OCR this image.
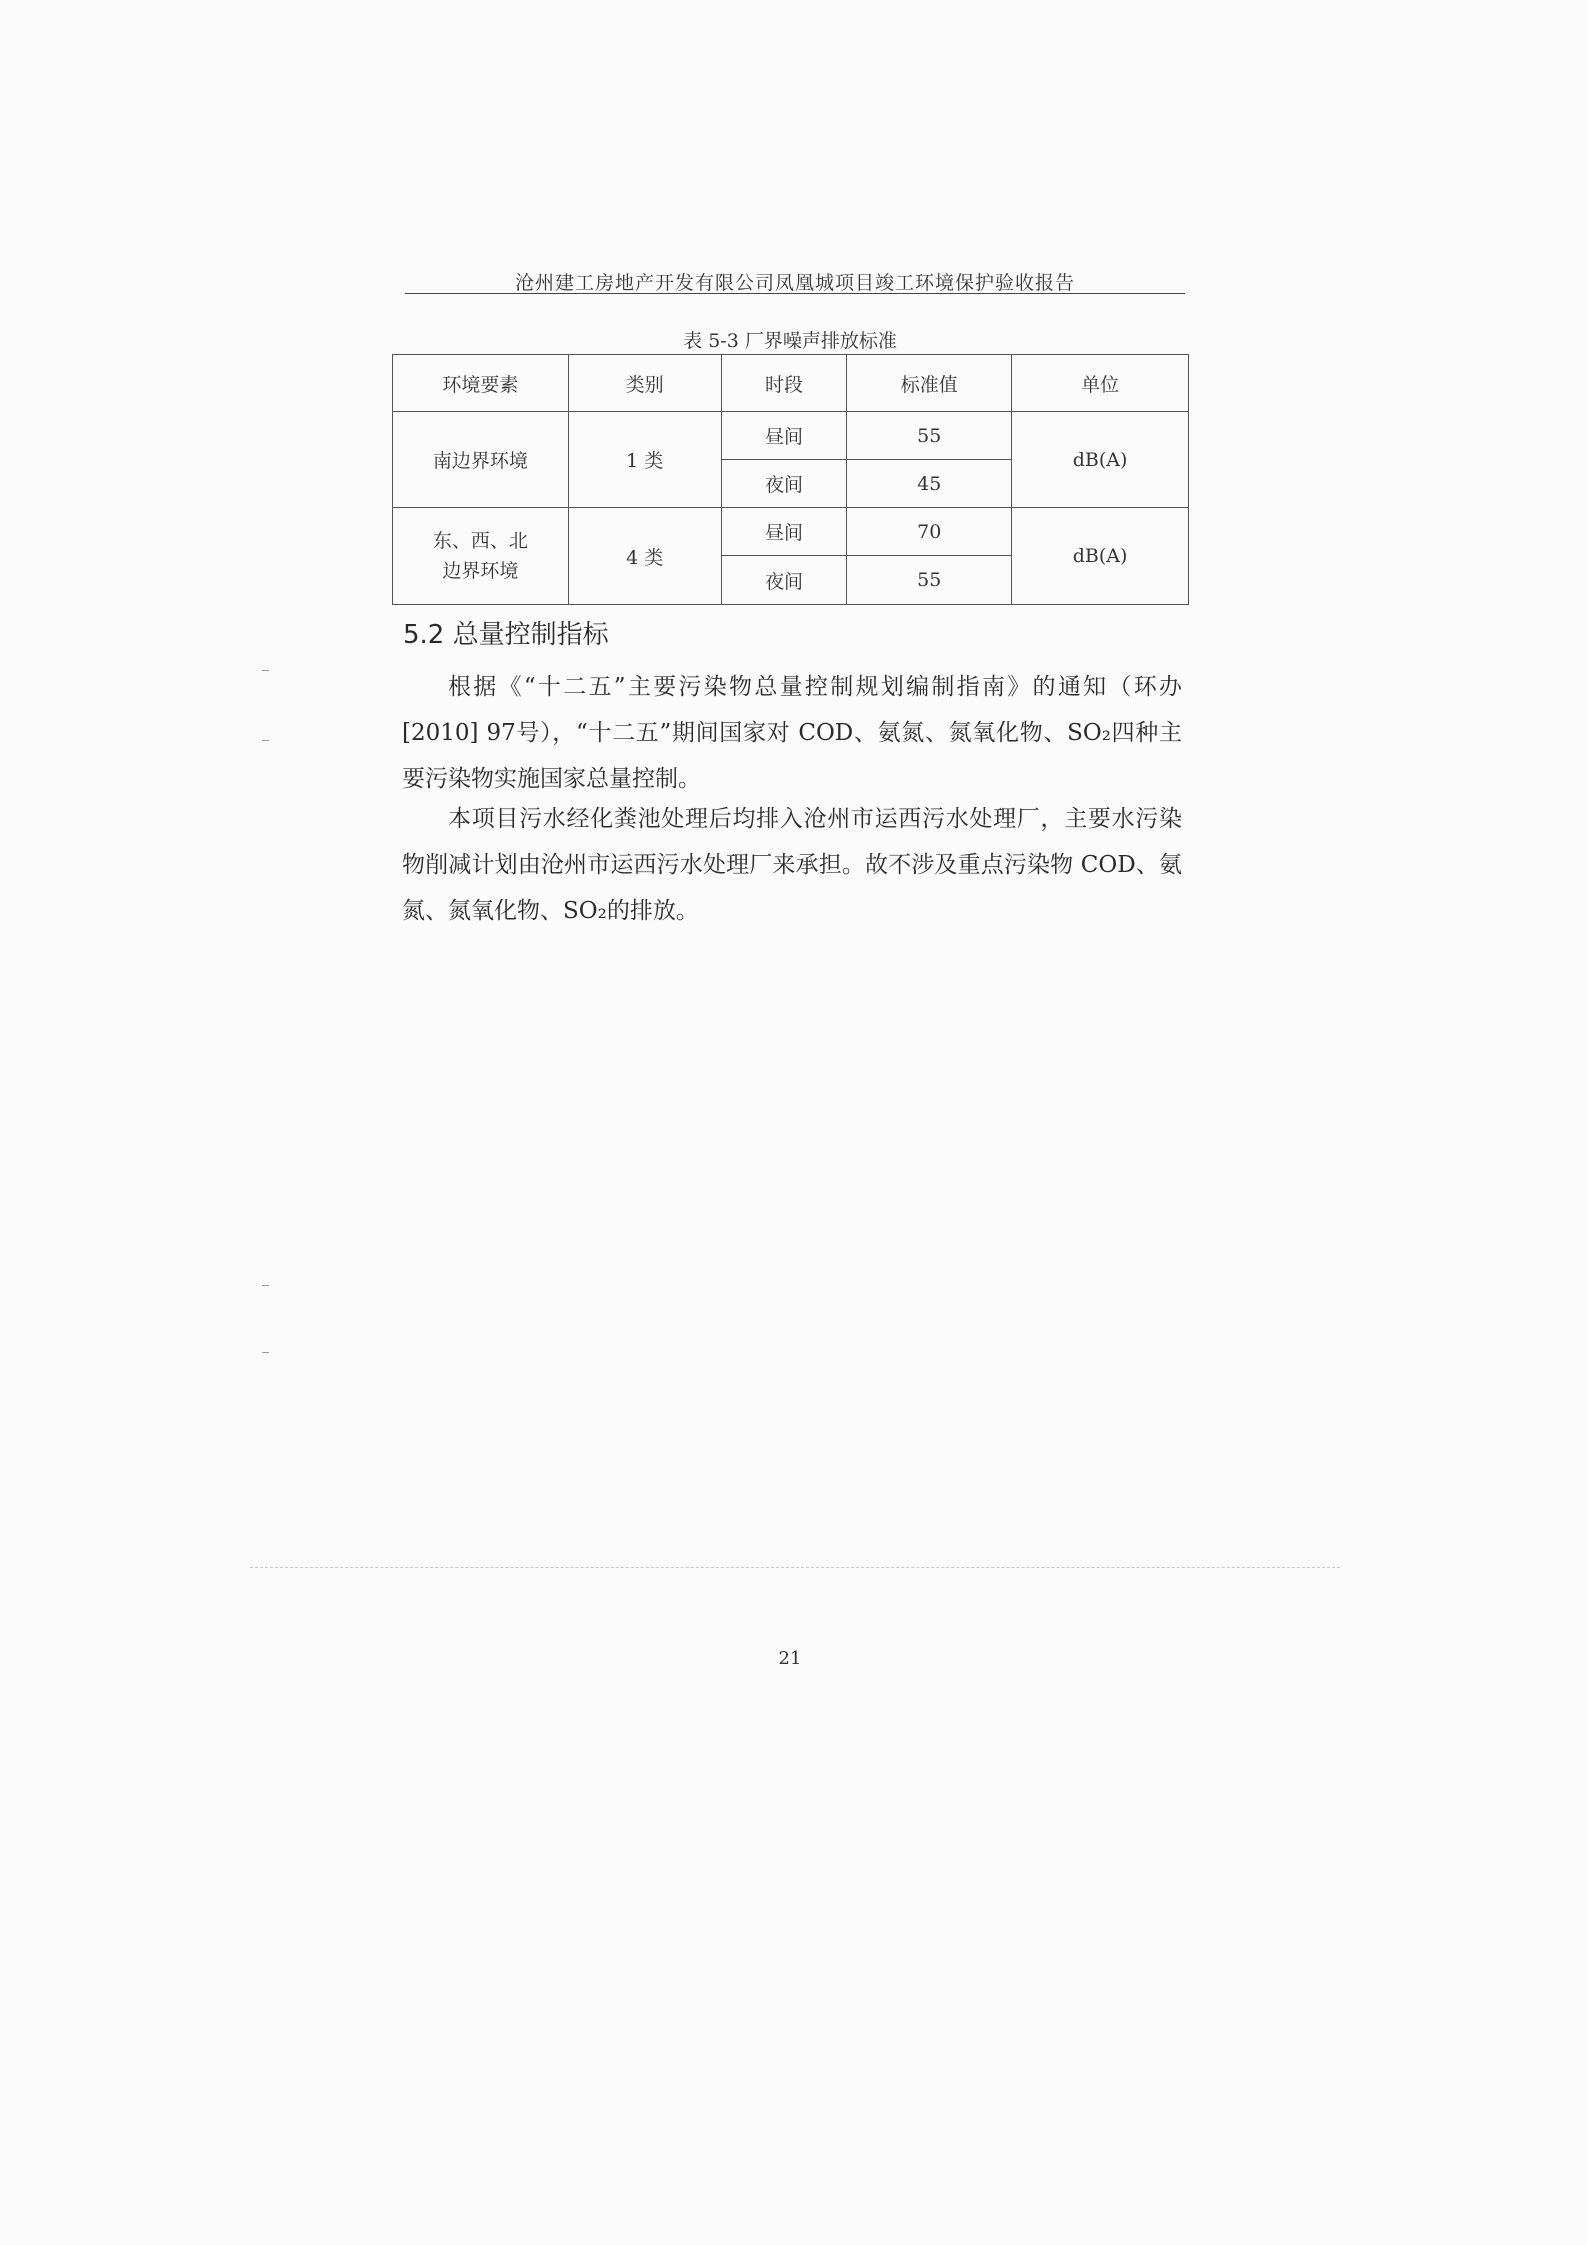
沧州建工房地产开发有限公司凤凰城项目竣工环境保护验收报告
表 5-3 厂界噪声排放标准
环境要素	类别	时段	标准值	单位
南边界环境	1 类	昼间	55	dB(A)
		夜间	45	

东、西、北
边界环境	4 类	昼间	70	dB(A)
		夜间	55	
5.2 总量控制指标

根据《“十二五”主要污染物总量控制规划编制指南》的通知（环办[2010] 97号），“十二五”期间国家对 COD、氨氮、氮氧化物、SO₂四种主要污染物实施国家总量控制。

本项目污水经化粪池处理后均排入沧州市运西污水处理厂，主要水污染物削减计划由沧州市运西污水处理厂来承担。故不涉及重点污染物 COD、氨氮、氮氧化物、SO₂的排放。

21
